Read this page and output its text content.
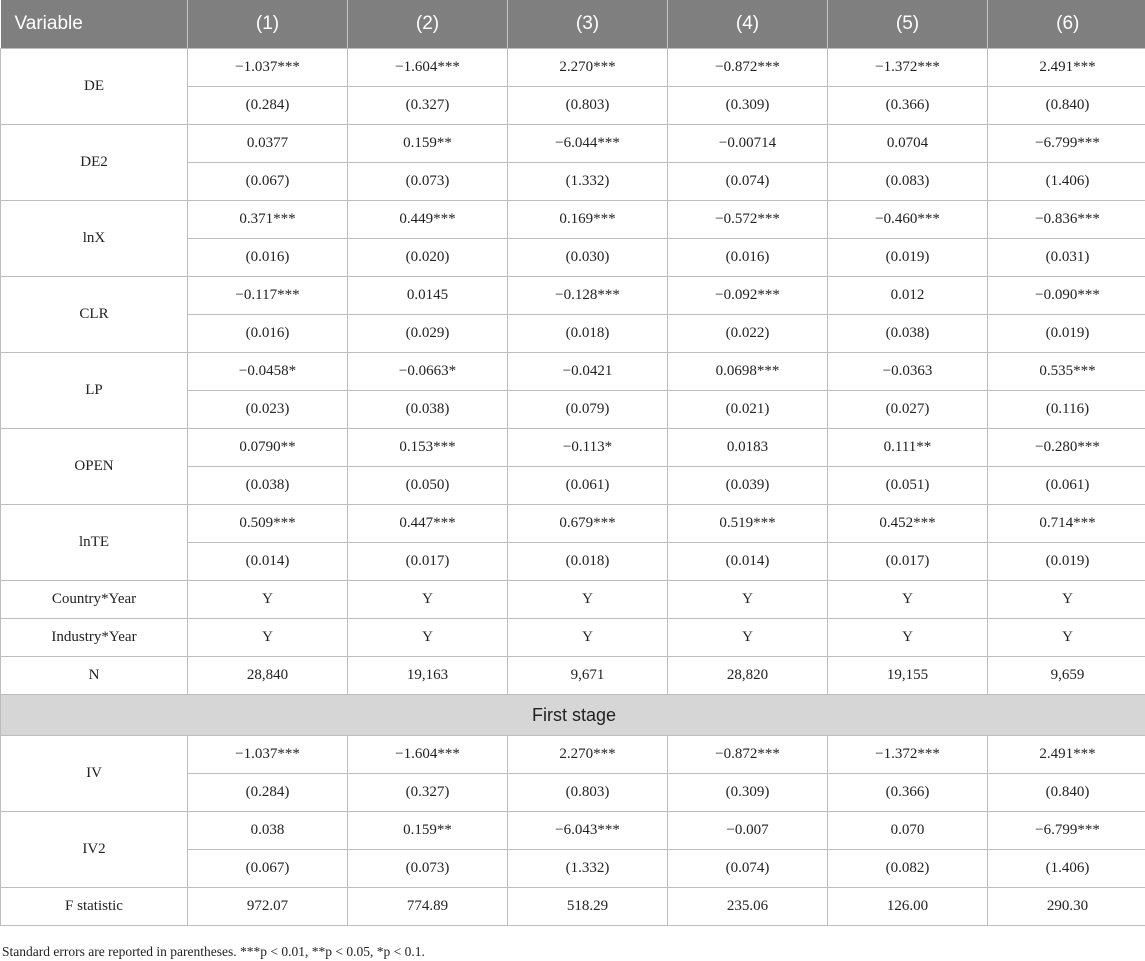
Variable	(1)	(2)	(3)	(4)	(5)	(6)
DE	−1.037***	−1.604***	2.270***	−0.872***	−1.372***	2.491***
	(0.284)	(0.327)	(0.803)	(0.309)	(0.366)	(0.840)
DE2	0.0377	0.159**	−6.044***	−0.00714	0.0704	−6.799***
	(0.067)	(0.073)	(1.332)	(0.074)	(0.083)	(1.406)
lnX	0.371***	0.449***	0.169***	−0.572***	−0.460***	−0.836***
	(0.016)	(0.020)	(0.030)	(0.016)	(0.019)	(0.031)
CLR	−0.117***	0.0145	−0.128***	−0.092***	0.012	−0.090***
	(0.016)	(0.029)	(0.018)	(0.022)	(0.038)	(0.019)
LP	−0.0458*	−0.0663*	−0.0421	0.0698***	−0.0363	0.535***
	(0.023)	(0.038)	(0.079)	(0.021)	(0.027)	(0.116)
OPEN	0.0790**	0.153***	−0.113*	0.0183	0.111**	−0.280***
	(0.038)	(0.050)	(0.061)	(0.039)	(0.051)	(0.061)
lnTE	0.509***	0.447***	0.679***	0.519***	0.452***	0.714***
	(0.014)	(0.017)	(0.018)	(0.014)	(0.017)	(0.019)
Country*Year	Y	Y	Y	Y	Y	Y
Industry*Year	Y	Y	Y	Y	Y	Y
N	28,840	19,163	9,671	28,820	19,155	9,659
First stage						
IV	−1.037***	−1.604***	2.270***	−0.872***	−1.372***	2.491***
	(0.284)	(0.327)	(0.803)	(0.309)	(0.366)	(0.840)
IV2	0.038	0.159**	−6.043***	−0.007	0.070	−6.799***
	(0.067)	(0.073)	(1.332)	(0.074)	(0.082)	(1.406)
F statistic	972.07	774.89	518.29	235.06	126.00	290.30
Standard errors are reported in parentheses. ***p < 0.01, **p < 0.05, *p < 0.1.
